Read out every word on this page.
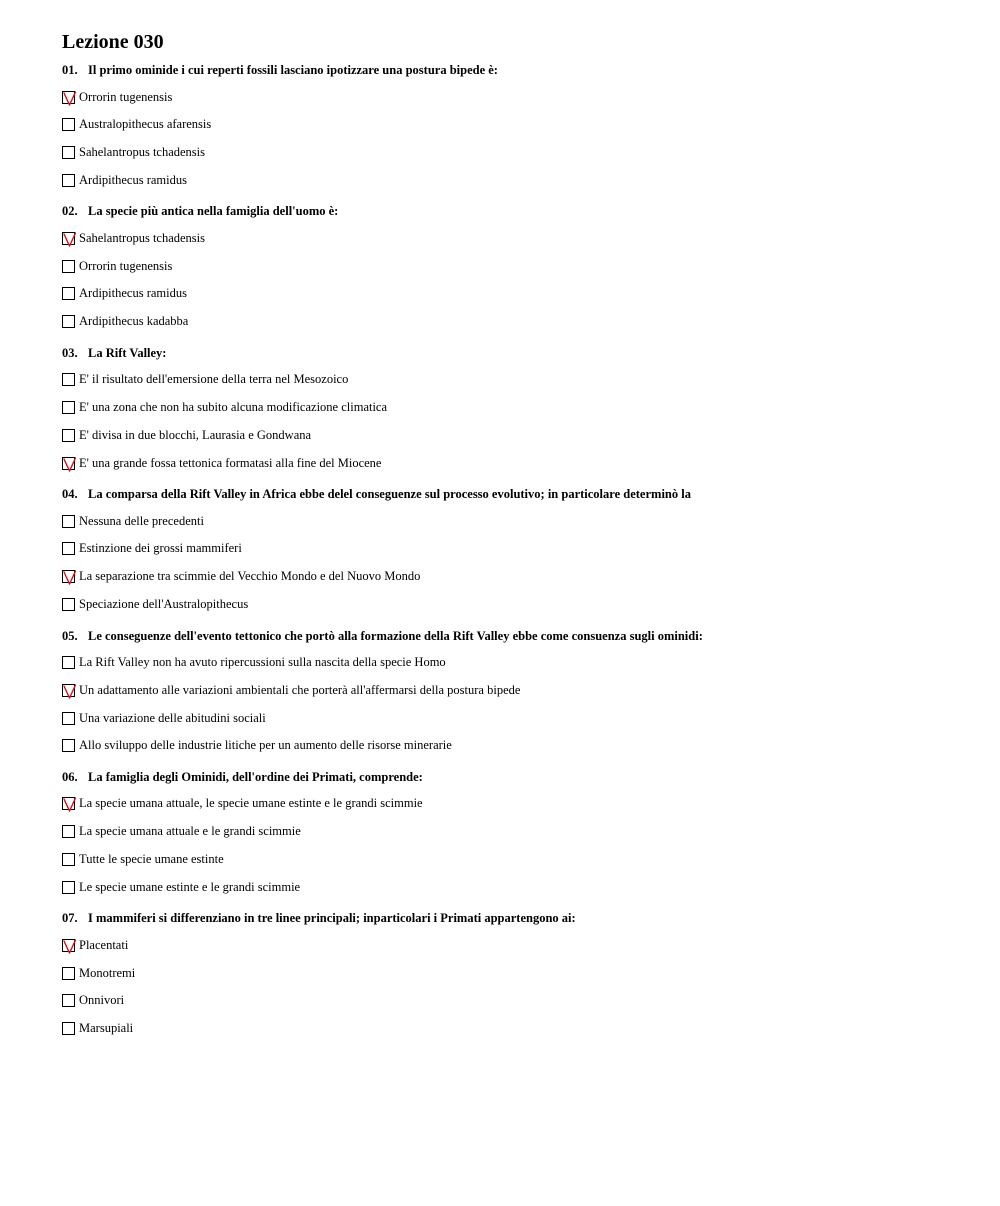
Lezione 030
01. Il primo ominide i cui reperti fossili lasciano ipotizzare una postura bipede è:
Orrorin tugenensis
Australopithecus afarensis
Sahelantropus tchadensis
Ardipithecus ramidus
02. La specie più antica nella famiglia dell'uomo è:
Sahelantropus tchadensis
Orrorin tugenensis
Ardipithecus ramidus
Ardipithecus kadabba
03. La Rift Valley:
E' il risultato dell'emersione della terra nel Mesozoico
E' una zona che non ha subito alcuna modificazione climatica
E' divisa in due blocchi, Laurasia e Gondwana
E' una grande fossa tettonica formatasi alla fine del Miocene
04. La comparsa della Rift Valley in Africa ebbe delel conseguenze sul processo evolutivo; in particolare determinò la
Nessuna delle precedenti
Estinzione dei grossi mammiferi
La separazione tra scimmie del Vecchio Mondo e del Nuovo Mondo
Speciazione dell'Australopithecus
05. Le conseguenze dell'evento tettonico che portò alla formazione della Rift Valley ebbe come consuenza sugli ominidi:
La Rift Valley non ha avuto ripercussioni sulla nascita della specie Homo
Un adattamento alle variazioni ambientali che porterà all'affermarsi della postura bipede
Una variazione delle abitudini sociali
Allo sviluppo delle industrie litiche per un aumento delle risorse minerarie
06. La famiglia degli Ominidi, dell'ordine dei Primati, comprende:
La specie umana attuale, le specie umane estinte e le grandi scimmie
La specie umana attuale e le grandi scimmie
Tutte le specie umane estinte
Le specie umane estinte e le grandi scimmie
07. I mammiferi si differenziano in tre linee principali; inparticolari i Primati appartengono ai:
Placentati
Monotremi
Onnivori
Marsupiali
